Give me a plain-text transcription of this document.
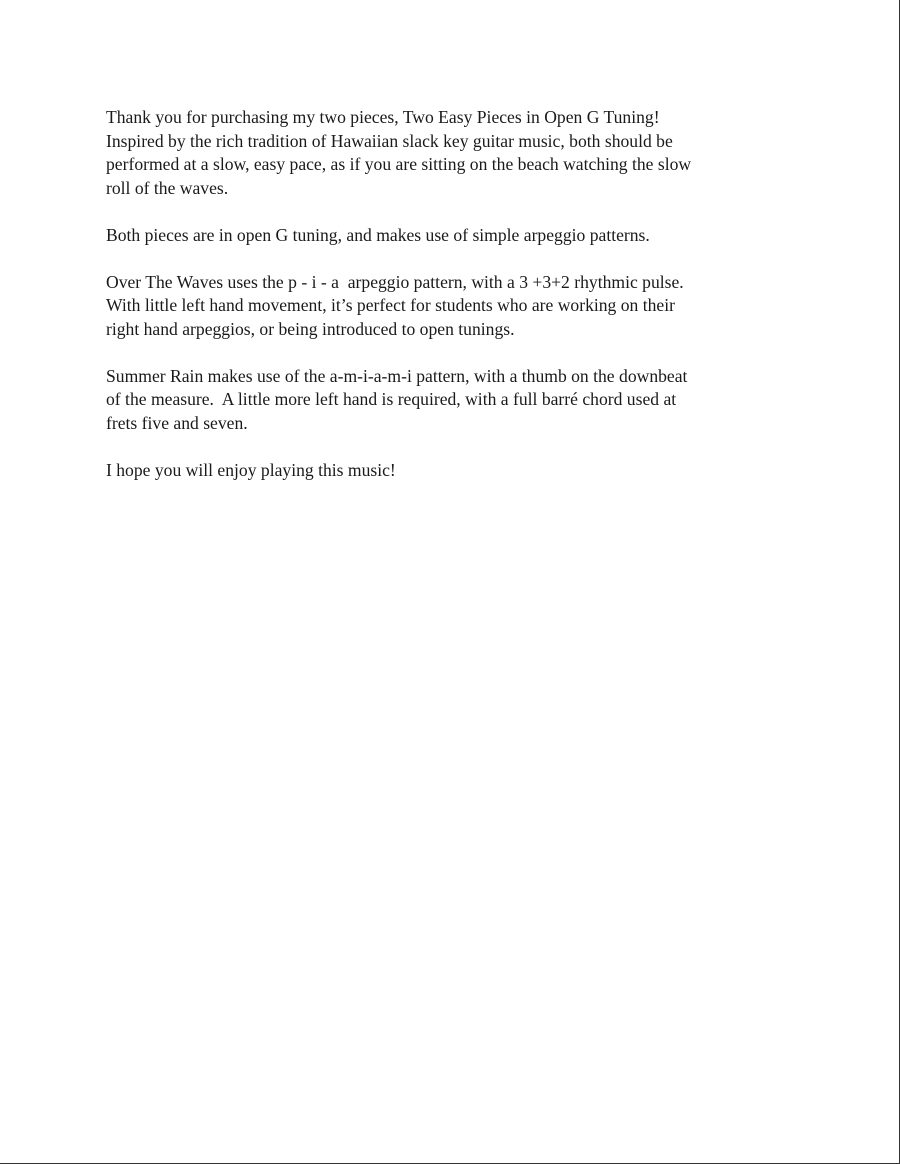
Thank you for purchasing my two pieces, Two Easy Pieces in Open G Tuning!
Inspired by the rich tradition of Hawaiian slack key guitar music, both should be
performed at a slow, easy pace, as if you are sitting on the beach watching the slow
roll of the waves.

Both pieces are in open G tuning, and makes use of simple arpeggio patterns.

Over The Waves uses the p - i - a  arpeggio pattern, with a 3 +3+2 rhythmic pulse.
With little left hand movement, it’s perfect for students who are working on their
right hand arpeggios, or being introduced to open tunings.

Summer Rain makes use of the a-m-i-a-m-i pattern, with a thumb on the downbeat
of the measure.  A little more left hand is required, with a full barré chord used at
frets five and seven.

I hope you will enjoy playing this music!
